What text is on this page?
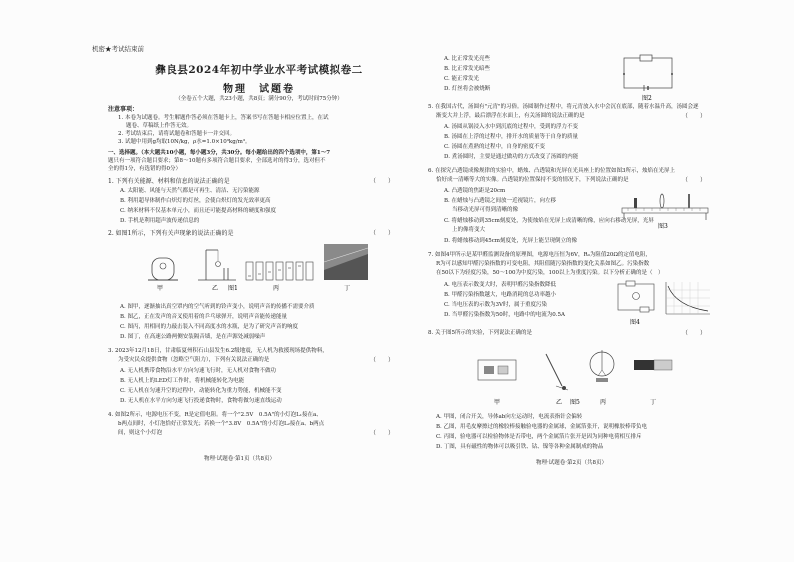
机密★考试结束前
彝良县2024年初中学业水平考试模拟卷二
物理　试题卷
（全卷五个大题，共23小题，共8页；满分90分，考试时间75分钟）
注意事项：
1. 本卷为试题卷。考生解题作答必须在答题卡上，答案书写在答题卡相应位置上，在试
题卷、草稿纸上作答无效。
2. 考试结束后，请将试题卷和答题卡一并交回。
3. 试题中用到g均取10N/kg，ρ水=1.0×10³kg/m³。
一、选择题。（本大题共10小题，每小题3分，共30分。每小题给出的四个选项中，第1～7
题只有一项符合题目要求；第8～10题有多项符合题目要求，全部选对的得3分，选对但不
全的得1分，有选错的得0分）
1. 下列有关能源、材料和信息的说法正确的是	（　　）
A. 太阳能、风能与天然气都是可再生、清洁、无污染能源
B. 利用超导体制作白炽灯的灯丝，会使白炽灯的发光效率更高
C. 纳米材料不仅基本单元小，而且还可能提高材料的硬度和强度
D. 手机是利用超声波传递信息的
2. 如图1所示，下列有关声现象的说法正确的是	（　　）
甲	乙 图1	丙	丁
A. 图甲，逐渐抽出真空罩内的空气听到的铃声变小，说明声音的传播不需要介质
B. 图乙，正在发声的音叉使用着的乒乓球弹开，说明声音能传递能量
C. 图丙，用相同的力敲击装入不同高度水的水瓶，是为了研究声音的响度
D. 图丁，在高速公路两侧安装隔音墙，是在声源处减弱噪声
3. 2023年12月18日，甘肃临夏州积石山县发生6.2级地震，无人机为救援现场提供物料，
为受灾民众提供食物（忽略空气阻力），下列有关说法正确的是	（　　）
A. 无人机携带食物沿水平方向匀速飞行时，无人机对食物不做功
B. 无人机上的LED灯工作时，将机械能转化为电能
C. 无人机在匀速升空的过程中，动能转化为重力势能，机械能不变
D. 无人机在水平方向匀速飞行投递食物时，食物将做匀速直线运动
4. 如图2所示，电源电压不变，R是定值电阻。将一个"2.5V　0.5A"的小灯泡L₁接在a、
b两点间时，小灯泡恰好正常发光；若换一个"3.8V　0.5A"的小灯泡L₂接在a、b两点
间，则这个小灯泡	（　　）
物理·试题卷·第1页（共8页）
A. 比正常发光亮些
B. 比正常发光暗些
C. 能正常发光
D. 灯丝将会被烧断
图2
5. 在我国古代，汤圆有"元宵"的习俗。汤圆制作过程中，将元宵放入水中会沉在底部，随着水温升高，汤圆会逐
渐变大并上浮，最后漂浮在水面上，有关汤圆的说法正确的是	（　　）
A. 汤圆从锅浸入水中到沉底的过程中，受到的浮力不变
B. 汤圆在上浮的过程中，排开水的质量等于自身的质量
C. 汤圆在煮熟的过程中，自身的密度不变
D. 煮汤圆时，主要是通过做功的方式改变了汤圆的内能
6. 在探究凸透镜成像规律的实验中，蜡烛、凸透镜和光屏在光具座上的位置如图3所示，烛焰在光屏上
恰好成一清晰等大的实像。凸透镜的位置保持不变的情况下，下列说法正确的是	（　　）
A. 凸透镜的焦距是20cm
B. 在蜡烛与凸透镜之间放一近视镜片，向左移
当移动光屏可得到清晰的像
C. 将蜡烛移动到35cm刻度处，为使烛焰在光屏上成清晰的像，应向右移动光屏，光屏
上的像将变大
D. 将蜡烛移动到45cm刻度处，光屏上能呈现倒立的像
图3
7. 如图4甲所示是某甲醛监测设备的原理图，电源电压恒为6V，R₀为阻值20Ω的定值电阻，
R为可以感知甲醛污染指数的可变电阻，其阻值随污染指数的变化关系如图乙。污染指数
在50以下为轻度污染，50～100为中度污染，100以上为重度污染。以下分析正确的是（　）
A. 电压表示数变大时，表明甲醛污染指数降低
B. 甲醛污染指数越大，电路消耗的总功率越小
C. 当电压表的示数为3V时，属于重度污染
D. 当甲醛污染指数为50时，电路中的电流为0.5A
图4
8. 关于图5所示的实验，下列说法正确的是	（　　）
甲	乙 图5	丙	丁
A. 甲图，闭合开关，导体ab向左运动时，电流表指针会偏转
B. 乙图，用毛皮摩擦过的橡胶棒接触验电器的金属球，金属箔张开，说明橡胶棒带负电
C. 丙图，验电器可以检验物体是否带电，两个金属箔片张开是因为同种电荷相互排斥
D. 丁图，具有磁性的物体可以吸引铁、钴、镍等各种金属制成的物品
物理·试题卷·第2页（共8页）
